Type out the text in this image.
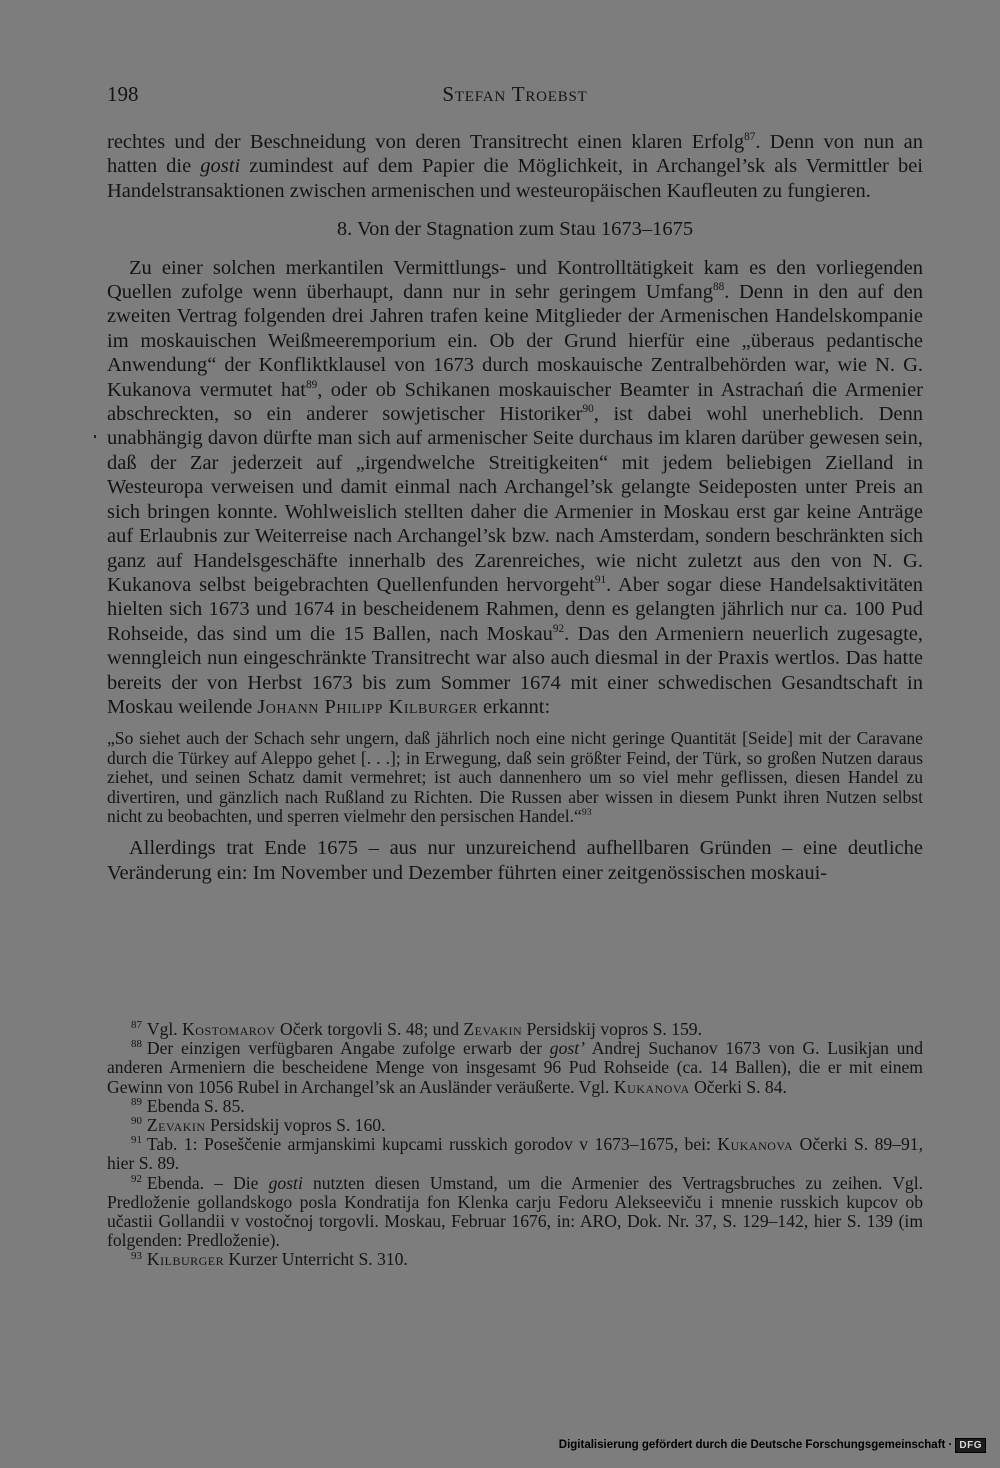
198	Stefan Troebst

rechtes und der Beschneidung von deren Transitrecht einen klaren Erfolg$^{87}$. Denn von nun an hatten die gosti zumindest auf dem Papier die Möglichkeit, in Archangel’sk als Vermittler bei Handelstransaktionen zwischen armenischen und westeuropäischen Kaufleuten zu fungieren.

8. Von der Stagnation zum Stau 1673–1675

Zu einer solchen merkantilen Vermittlungs- und Kontrolltätigkeit kam es den vorliegenden Quellen zufolge wenn überhaupt, dann nur in sehr geringem Umfang$^{88}$. Denn in den auf den zweiten Vertrag folgenden drei Jahren trafen keine Mitglieder der Armenischen Handelskompanie im moskauischen Weißmeeremporium ein. Ob der Grund hierfür eine „überaus pedantische Anwendung“ der Konfliktklausel von 1673 durch moskauische Zentralbehörden war, wie N. G. Kukanova vermutet hat$^{89}$, oder ob Schikanen moskauischer Beamter in Astrachań die Armenier abschreckten, so ein anderer sowjetischer Historiker$^{90}$, ist dabei wohl unerheblich. Denn unabhängig davon dürfte man sich auf armenischer Seite durchaus im klaren darüber gewesen sein, daß der Zar jederzeit auf „irgendwelche Streitigkeiten“ mit jedem beliebigen Zielland in Westeuropa verweisen und damit einmal nach Archangel’sk gelangte Seideposten unter Preis an sich bringen konnte. Wohlweislich stellten daher die Armenier in Moskau erst gar keine Anträge auf Erlaubnis zur Weiterreise nach Archangel’sk bzw. nach Amsterdam, sondern beschränkten sich ganz auf Handelsgeschäfte innerhalb des Zarenreiches, wie nicht zuletzt aus den von N. G. Kukanova selbst beigebrachten Quellenfunden hervorgeht$^{91}$. Aber sogar diese Handelsaktivitäten hielten sich 1673 und 1674 in bescheidenem Rahmen, denn es gelangten jährlich nur ca. 100 Pud Rohseide, das sind um die 15 Ballen, nach Moskau$^{92}$. Das den Armeniern neuerlich zugesagte, wenngleich nun eingeschränkte Transitrecht war also auch diesmal in der Praxis wertlos. Das hatte bereits der von Herbst 1673 bis zum Sommer 1674 mit einer schwedischen Gesandtschaft in Moskau weilende Johann Philipp Kilburger erkannt:

„So siehet auch der Schach sehr ungern, daß jährlich noch eine nicht geringe Quantität [Seide] mit der Caravane durch die Türkey auf Aleppo gehet [. . .]; in Erwegung, daß sein größter Feind, der Türk, so großen Nutzen daraus ziehet, und seinen Schatz damit vermehret; ist auch dannenhero um so viel mehr geflissen, diesen Handel zu divertiren, und gänzlich nach Rußland zu Richten. Die Russen aber wissen in diesem Punkt ihren Nutzen selbst nicht zu beobachten, und sperren vielmehr den persischen Handel.“$^{93}$

Allerdings trat Ende 1675 – aus nur unzureichend aufhellbaren Gründen – eine deutliche Veränderung ein: Im November und Dezember führten einer zeitgenössischen moskaui-

$^{87}$ Vgl. Kostomarov Očerk torgovli S. 48; und Zevakin Persidskij vopros S. 159.

$^{88}$ Der einzigen verfügbaren Angabe zufolge erwarb der gost’ Andrej Suchanov 1673 von G. Lusikjan und anderen Armeniern die bescheidene Menge von insgesamt 96 Pud Rohseide (ca. 14 Ballen), die er mit einem Gewinn von 1056 Rubel in Archangel’sk an Ausländer veräußerte. Vgl. Kukanova Očerki S. 84.

$^{89}$ Ebenda S. 85.

$^{90}$ Zevakin Persidskij vopros S. 160.

$^{91}$ Tab. 1: Poseščenie armjanskimi kupcami russkich gorodov v 1673–1675, bei: Kukanova Očerki S. 89–91, hier S. 89.

$^{92}$ Ebenda. – Die gosti nutzten diesen Umstand, um die Armenier des Vertragsbruches zu zeihen. Vgl. Predloženie gollandskogo posla Kondratija fon Klenka carju Fedoru Alekseeviču i mnenie russkich kupcov ob učastii Gollandii v vostočnoj torgovli. Moskau, Februar 1676, in: ARO, Dok. Nr. 37, S. 129–142, hier S. 139 (im folgenden: Predloženie).

$^{93}$ Kilburger Kurzer Unterricht S. 310.

Digitalisierung gefördert durch die Deutsche Forschungsgemeinschaft · DFG
